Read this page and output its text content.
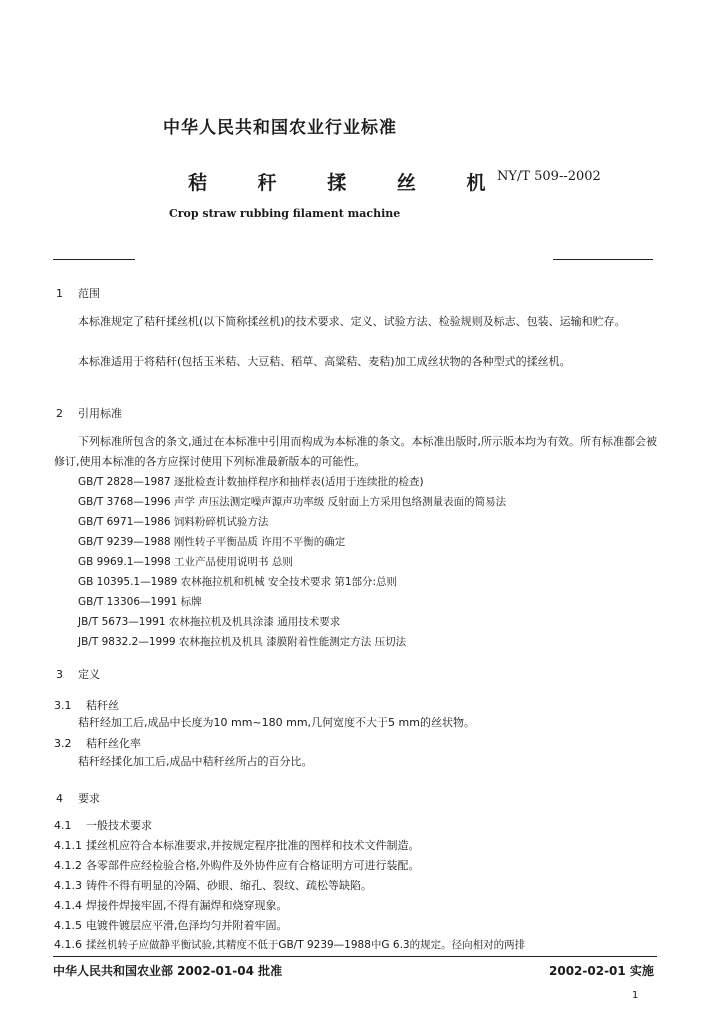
中华人民共和国农业行业标准
秸 秆 揉 丝 机
NY/T 509--2002
Crop straw rubbing filament machine
1 范围
本标准规定了秸秆揉丝机(以下简称揉丝机)的技术要求、定义、试验方法、检验规则及标志、包装、运输和贮存。
本标准适用于将秸秆(包括玉米秸、大豆秸、稻草、高粱秸、麦秸)加工成丝状物的各种型式的揉丝机。
2 引用标准
下列标准所包含的条文,通过在本标准中引用而构成为本标准的条文。本标准出版时,所示版本均为有效。所有标准都会被修订,使用本标准的各方应探讨使用下列标准最新版本的可能性。
GB/T 2828—1987 逐批检查计数抽样程序和抽样表(适用于连续批的检查)
GB/T 3768—1996 声学 声压法测定噪声源声功率级 反射面上方采用包络测量表面的简易法
GB/T 6971—1986 饲料粉碎机试验方法
GB/T 9239—1988 刚性转子平衡品质 许用不平衡的确定
GB 9969.1—1998 工业产品使用说明书 总则
GB 10395.1—1989 农林拖拉机和机械 安全技术要求 第1部分:总则
GB/T 13306—1991 标牌
JB/T 5673—1991 农林拖拉机及机具涂漆 通用技术要求
JB/T 9832.2—1999 农林拖拉机及机具 漆膜附着性能测定方法 压切法
3 定义
3.1 秸秆丝
秸秆经加工后,成品中长度为10 mm~180 mm,几何宽度不大于5 mm的丝状物。
3.2 秸秆丝化率
秸秆经揉化加工后,成品中秸秆丝所占的百分比。
4 要求
4.1 一般技术要求
4.1.1 揉丝机应符合本标准要求,并按规定程序批准的图样和技术文件制造。
4.1.2 各零部件应经检验合格,外购件及外协件应有合格证明方可进行装配。
4.1.3 铸件不得有明显的冷隔、砂眼、缩孔、裂纹、疏松等缺陷。
4.1.4 焊接件焊接牢固,不得有漏焊和烧穿现象。
4.1.5 电镀件镀层应平滑,色泽均匀并附着牢固。
4.1.6 揉丝机转子应做静平衡试验,其精度不低于GB/T 9239—1988中G 6.3的规定。径向相对的两排
中华人民共和国农业部 2002-01-04 批准	2002-02-01 实施
1
